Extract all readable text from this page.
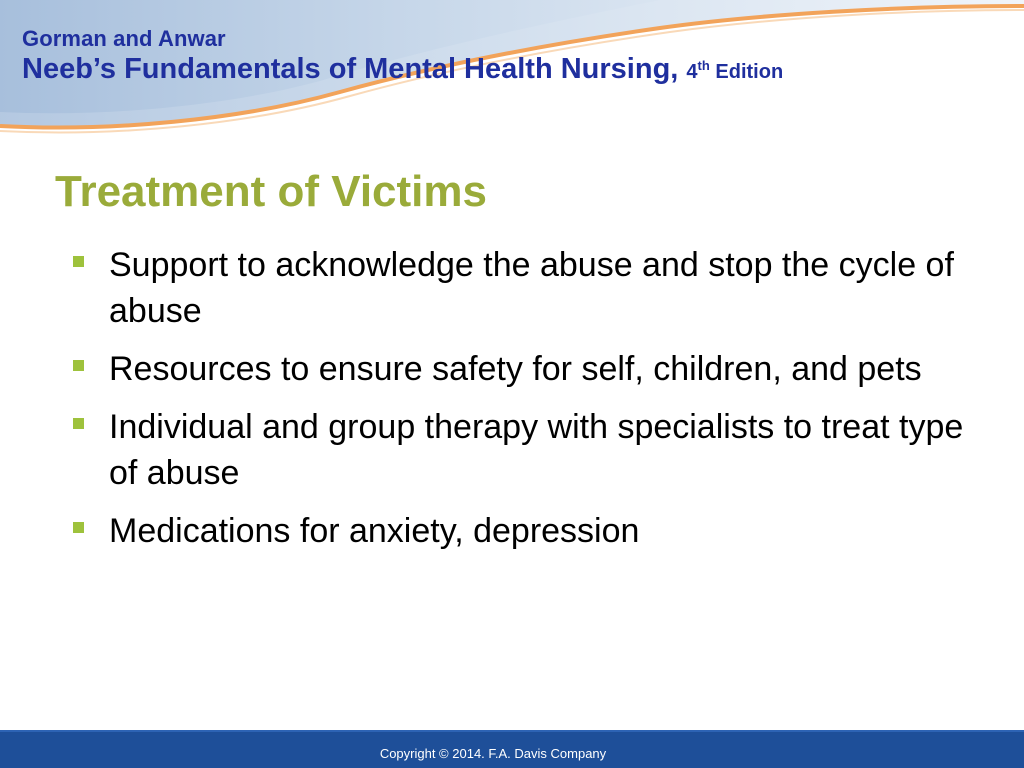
Gorman and Anwar
Neeb’s Fundamentals of Mental Health Nursing, 4th Edition
Treatment of Victims
Support to acknowledge the abuse and stop the cycle of abuse
Resources to ensure safety for self, children, and pets
Individual and group therapy with specialists to treat type of abuse
Medications for anxiety, depression
Copyright © 2014. F.A. Davis Company
